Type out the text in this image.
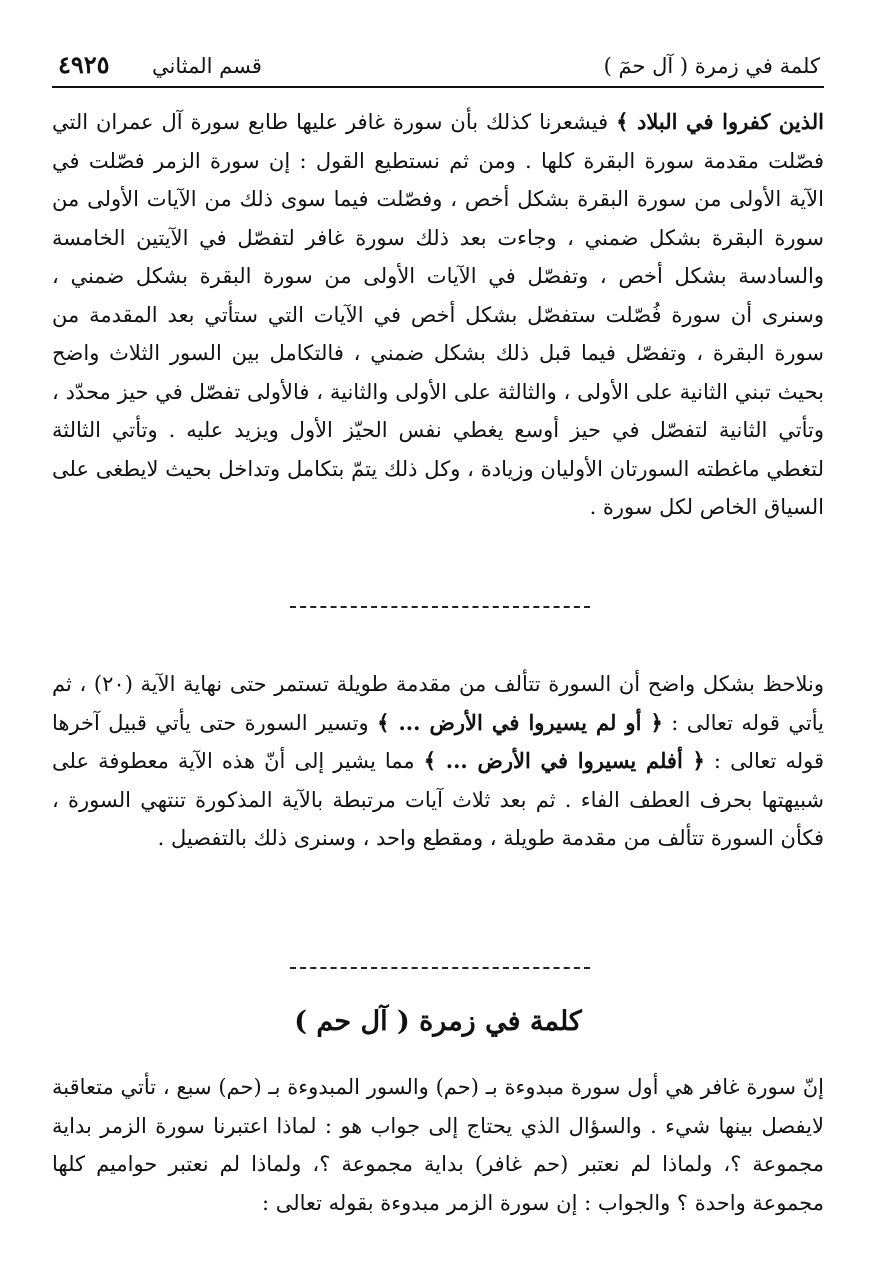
كلمة في زمرة ( آل حمٓ )
قسم المثاني
٤٩٢٥

الذين كفروا في البلاد ﴾ فيشعرنا كذلك بأن سورة غافر عليها طابع سورة آل عمران التي فصّلت مقدمة سورة البقرة كلها . ومن ثم نستطيع القول : إن سورة الزمر فصّلت في الآية الأولى من سورة البقرة بشكل أخص ، وفصّلت فيما سوى ذلك من الآيات الأولى من سورة البقرة بشكل ضمني ، وجاءت بعد ذلك سورة غافر لتفصّل في الآيتين الخامسة والسادسة بشكل أخص ، وتفصّل في الآيات الأولى من سورة البقرة بشكل ضمني ، وسنرى أن سورة فُصّلت ستفصّل بشكل أخص في الآيات التي ستأتي بعد المقدمة من سورة البقرة ، وتفصّل فيما قبل ذلك بشكل ضمني ، فالتكامل بين السور الثلاث واضح بحيث تبني الثانية على الأولى ، والثالثة على الأولى والثانية ، فالأولى تفصّل في حيز محدّد ، وتأتي الثانية لتفصّل في حيز أوسع يغطي نفس الحيّز الأول ويزيد عليه . وتأتي الثالثة لتغطي ماغطته السورتان الأوليان وزيادة ، وكل ذلك يتمّ بتكامل وتداخل بحيث لايطغى على السياق الخاص لكل سورة .

ونلاحظ بشكل واضح أن السورة تتألف من مقدمة طويلة تستمر حتى نهاية الآية (٢٠) ، ثم يأتي قوله تعالى : ﴿ أو لم يسيروا في الأرض ... ﴾ وتسير السورة حتى يأتي قبيل آخرها قوله تعالى : ﴿ أفلم يسيروا في الأرض ... ﴾ مما يشير إلى أنّ هذه الآية معطوفة على شبيهتها بحرف العطف الفاء . ثم بعد ثلاث آيات مرتبطة بالآية المذكورة تنتهي السورة ، فكأن السورة تتألف من مقدمة طويلة ، ومقطع واحد ، وسنرى ذلك بالتفصيل .

كلمة في زمرة ( آل حم )

إنّ سورة غافر هي أول سورة مبدوءة بـ (حم) والسور المبدوءة بـ (حم) سبع ، تأتي متعاقبة لايفصل بينها شيء . والسؤال الذي يحتاج إلى جواب هو : لماذا اعتبرنا سورة الزمر بداية مجموعة ؟، ولماذا لم نعتبر (حم غافر) بداية مجموعة ؟، ولماذا لم نعتبر حواميم كلها مجموعة واحدة ؟ والجواب : إن سورة الزمر مبدوءة بقوله تعالى :
